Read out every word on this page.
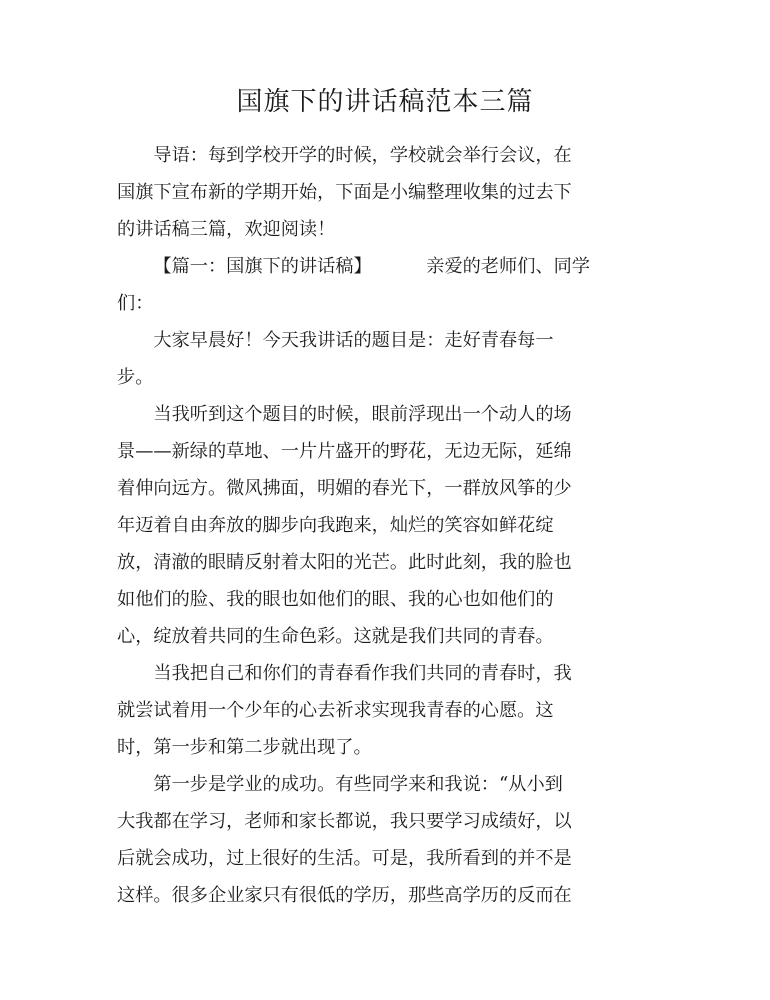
国旗下的讲话稿范本三篇

导语：每到学校开学的时候，学校就会举行会议，在
国旗下宣布新的学期开始，下面是小编整理收集的过去下
的讲话稿三篇，欢迎阅读！

【篇一：国旗下的讲话稿】	亲爱的老师们、同学
们：

大家早晨好！今天我讲话的题目是：走好青春每一
步。

当我听到这个题目的时候，眼前浮现出一个动人的场
景——新绿的草地、一片片盛开的野花，无边无际，延绵
着伸向远方。微风拂面，明媚的春光下，一群放风筝的少
年迈着自由奔放的脚步向我跑来，灿烂的笑容如鲜花绽
放，清澈的眼睛反射着太阳的光芒。此时此刻，我的脸也
如他们的脸、我的眼也如他们的眼、我的心也如他们的
心，绽放着共同的生命色彩。这就是我们共同的青春。

当我把自己和你们的青春看作我们共同的青春时，我
就尝试着用一个少年的心去祈求实现我青春的心愿。这
时，第一步和第二步就出现了。

第一步是学业的成功。有些同学来和我说：“从小到
大我都在学习，老师和家长都说，我只要学习成绩好，以
后就会成功，过上很好的生活。可是，我所看到的并不是
这样。很多企业家只有很低的学历，那些高学历的反而在
